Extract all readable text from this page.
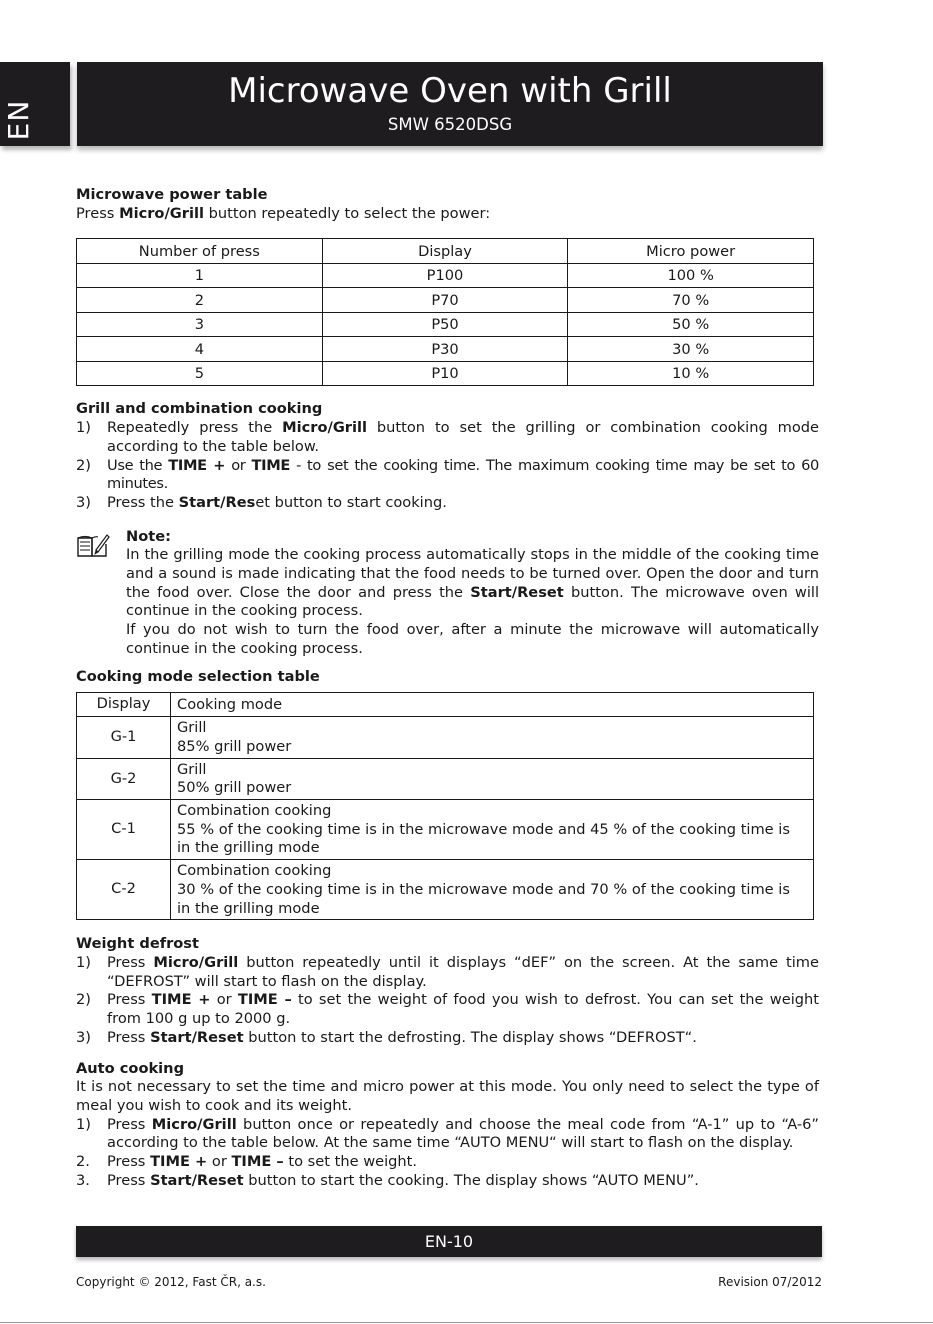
EN
Microwave Oven with Grill
SMW 6520DSG

Microwave power table

Press Micro/Grill button repeatedly to select the power:

Number of press	Display	Micro power
1	P100	100 %
2	P70	70 %
3	P50	50 %
4	P30	30 %
5	P10	10 %

Grill and combination cooking

1) Repeatedly press the Micro/Grill button to set the grilling or combination cooking mode according to the table below.
2) Use the TIME + or TIME - to set the cooking time. The maximum cooking time may be set to 60 minutes.
3) Press the Start/Reset button to start cooking.

Note:

In the grilling mode the cooking process automatically stops in the middle of the cooking time and a sound is made indicating that the food needs to be turned over. Open the door and turn the food over. Close the door and press the Start/Reset button. The microwave oven will continue in the cooking process.

If you do not wish to turn the food over, after a minute the microwave will automatically continue in the cooking process.

Cooking mode selection table

Display	Cooking mode
G-1	Grill
85% grill power

G-2	Grill
50% grill power

C-1	Combination cooking
55 % of the cooking time is in the microwave mode and 45 % of the cooking time is in the grilling mode

C-2	Combination cooking
30 % of the cooking time is in the microwave mode and 70 % of the cooking time is in the grilling mode

Weight defrost

1) Press Micro/Grill button repeatedly until it displays “dEF” on the screen. At the same time “DEFROST” will start to flash on the display.
2) Press TIME + or TIME – to set the weight of food you wish to defrost. You can set the weight from 100 g up to 2000 g.
3) Press Start/Reset button to start the defrosting. The display shows “DEFROST“.

Auto cooking

It is not necessary to set the time and micro power at this mode. You only need to select the type of meal you wish to cook and its weight.

1) Press Micro/Grill button once or repeatedly and choose the meal code from “A-1” up to “A-6” according to the table below. At the same time “AUTO MENU“ will start to flash on the display.
2. Press TIME + or TIME – to set the weight.
3. Press Start/Reset button to start the cooking. The display shows “AUTO MENU”.
EN-10
Copyright © 2012, Fast ČR, a.s.	Revision 07/2012
